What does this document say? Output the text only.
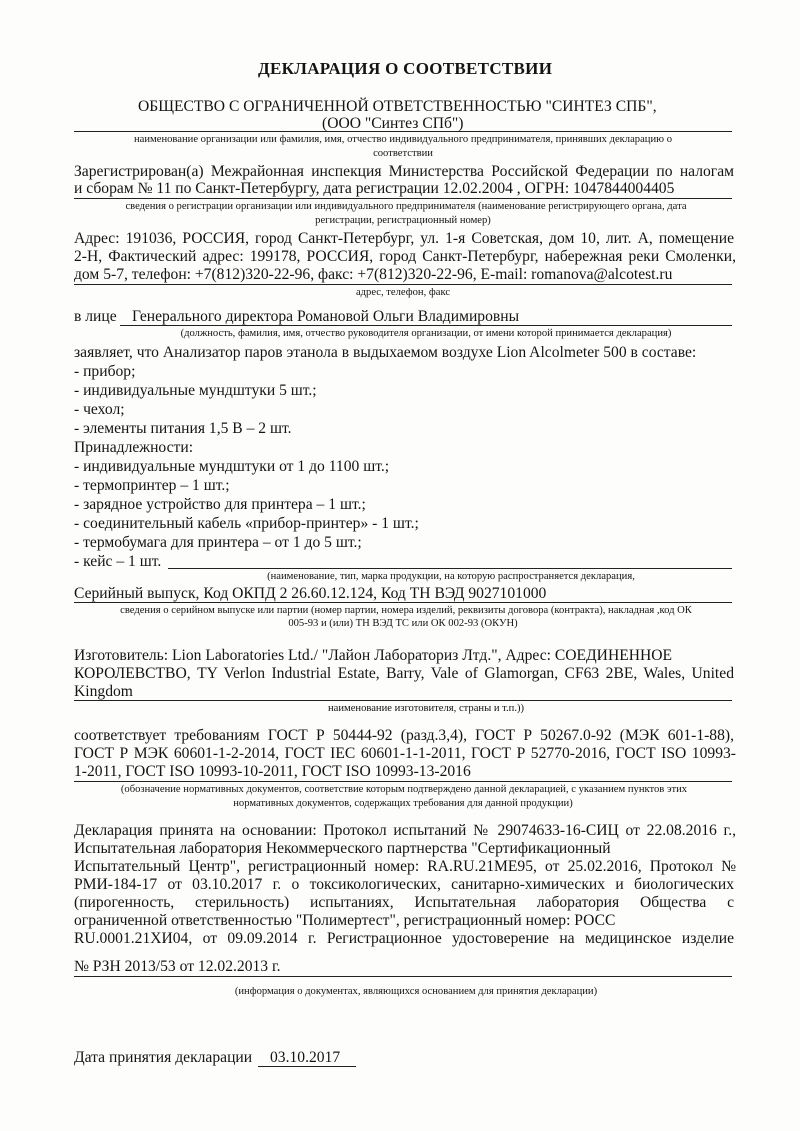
ДЕКЛАРАЦИЯ О СООТВЕТСТВИИ
ОБЩЕСТВО С ОГРАНИЧЕННОЙ ОТВЕТСТВЕННОСТЬЮ "СИНТЕЗ СПБ",
(ООО "Синтез СПб")
наименование организации или фамилия, имя, отчество индивидуального предпринимателя, принявших декларацию о
соответствии
Зарегистрирован(а) Межрайонная инспекция Министерства Российской Федерации по налогам
и сборам № 11 по Санкт-Петербургу, дата регистрации 12.02.2004 , ОГРН: 1047844004405
сведения о регистрации организации или индивидуального предпринимателя (наименование регистрирующего органа, дата
регистрации, регистрационный номер)
Адрес: 191036, РОССИЯ, город Санкт-Петербург, ул. 1-я Советская, дом 10, лит. А, помещение
2-Н, Фактический адрес: 199178, РОССИЯ, город Санкт-Петербург, набережная реки Смоленки,
дом 5-7, телефон: +7(812)320-22-96, факс: +7(812)320-22-96, E-mail: romanova@alcotest.ru
адрес, телефон, факс
в лице Генерального директора Романовой Ольги Владимировны
(должность, фамилия, имя, отчество руководителя организации, от имени которой принимается декларация)
заявляет, что Анализатор паров этанола в выдыхаемом воздухе Lion Alcolmeter 500 в составе:
- прибор;
- индивидуальные мундштуки 5 шт.;
- чехол;
- элементы питания 1,5 В – 2 шт.
Принадлежности:
- индивидуальные мундштуки от 1 до 1100 шт.;
- термопринтер – 1 шт.;
- зарядное устройство для принтера – 1 шт.;
- соединительный кабель «прибор-принтер» - 1 шт.;
- термобумага для принтера – от 1 до 5 шт.;
- кейс – 1 шт.
(наименование, тип, марка продукции, на которую распространяется декларация,
Серийный выпуск, Код ОКПД 2 26.60.12.124, Код ТН ВЭД 9027101000
сведения о серийном выпуске или партии (номер партии, номера изделий, реквизиты договора (контракта), накладная ,код ОК
005-93 и (или) ТН ВЭД ТС или ОК 002-93 (ОКУН)
Изготовитель: Lion Laboratories Ltd./ "Лайон Лабораториз Лтд.", Адрес: СОЕДИНЕННОЕ
КОРОЛЕВСТВО, TY Verlon Industrial Estate, Barry, Vale of Glamorgan, CF63 2BE, Wales, United
Kingdom
наименование изготовителя, страны и т.п.))
соответствует требованиям ГОСТ Р 50444-92 (разд.3,4), ГОСТ Р 50267.0-92 (МЭК 601-1-88),
ГОСТ Р МЭК 60601-1-2-2014, ГОСТ IEC 60601-1-1-2011, ГОСТ Р 52770-2016, ГОСТ ISO 10993-
1-2011, ГОСТ ISO 10993-10-2011, ГОСТ ISO 10993-13-2016
(обозначение нормативных документов, соответствие которым подтверждено данной декларацией, с указанием пунктов этих
нормативных документов, содержащих требования для данной продукции)
Декларация принята на основании: Протокол испытаний № 29074633-16-СИЦ от 22.08.2016 г.,
Испытательная лаборатория Некоммерческого партнерства "Сертификационный
Испытательный Центр", регистрационный номер: RA.RU.21МЕ95, от 25.02.2016, Протокол №
РМИ-184-17 от 03.10.2017 г. о токсикологических, санитарно-химических и биологических
(пирогенность, стерильность) испытаниях, Испытательная лаборатория Общества с
ограниченной ответственностью "Полимертест", регистрационный номер: РОСС
RU.0001.21ХИ04, от 09.09.2014 г. Регистрационное удостоверение на медицинское изделие
№ РЗН 2013/53 от 12.02.2013 г.
(информация о документах, являющихся основанием для принятия декларации)
Дата принятия декларации 03.10.2017
